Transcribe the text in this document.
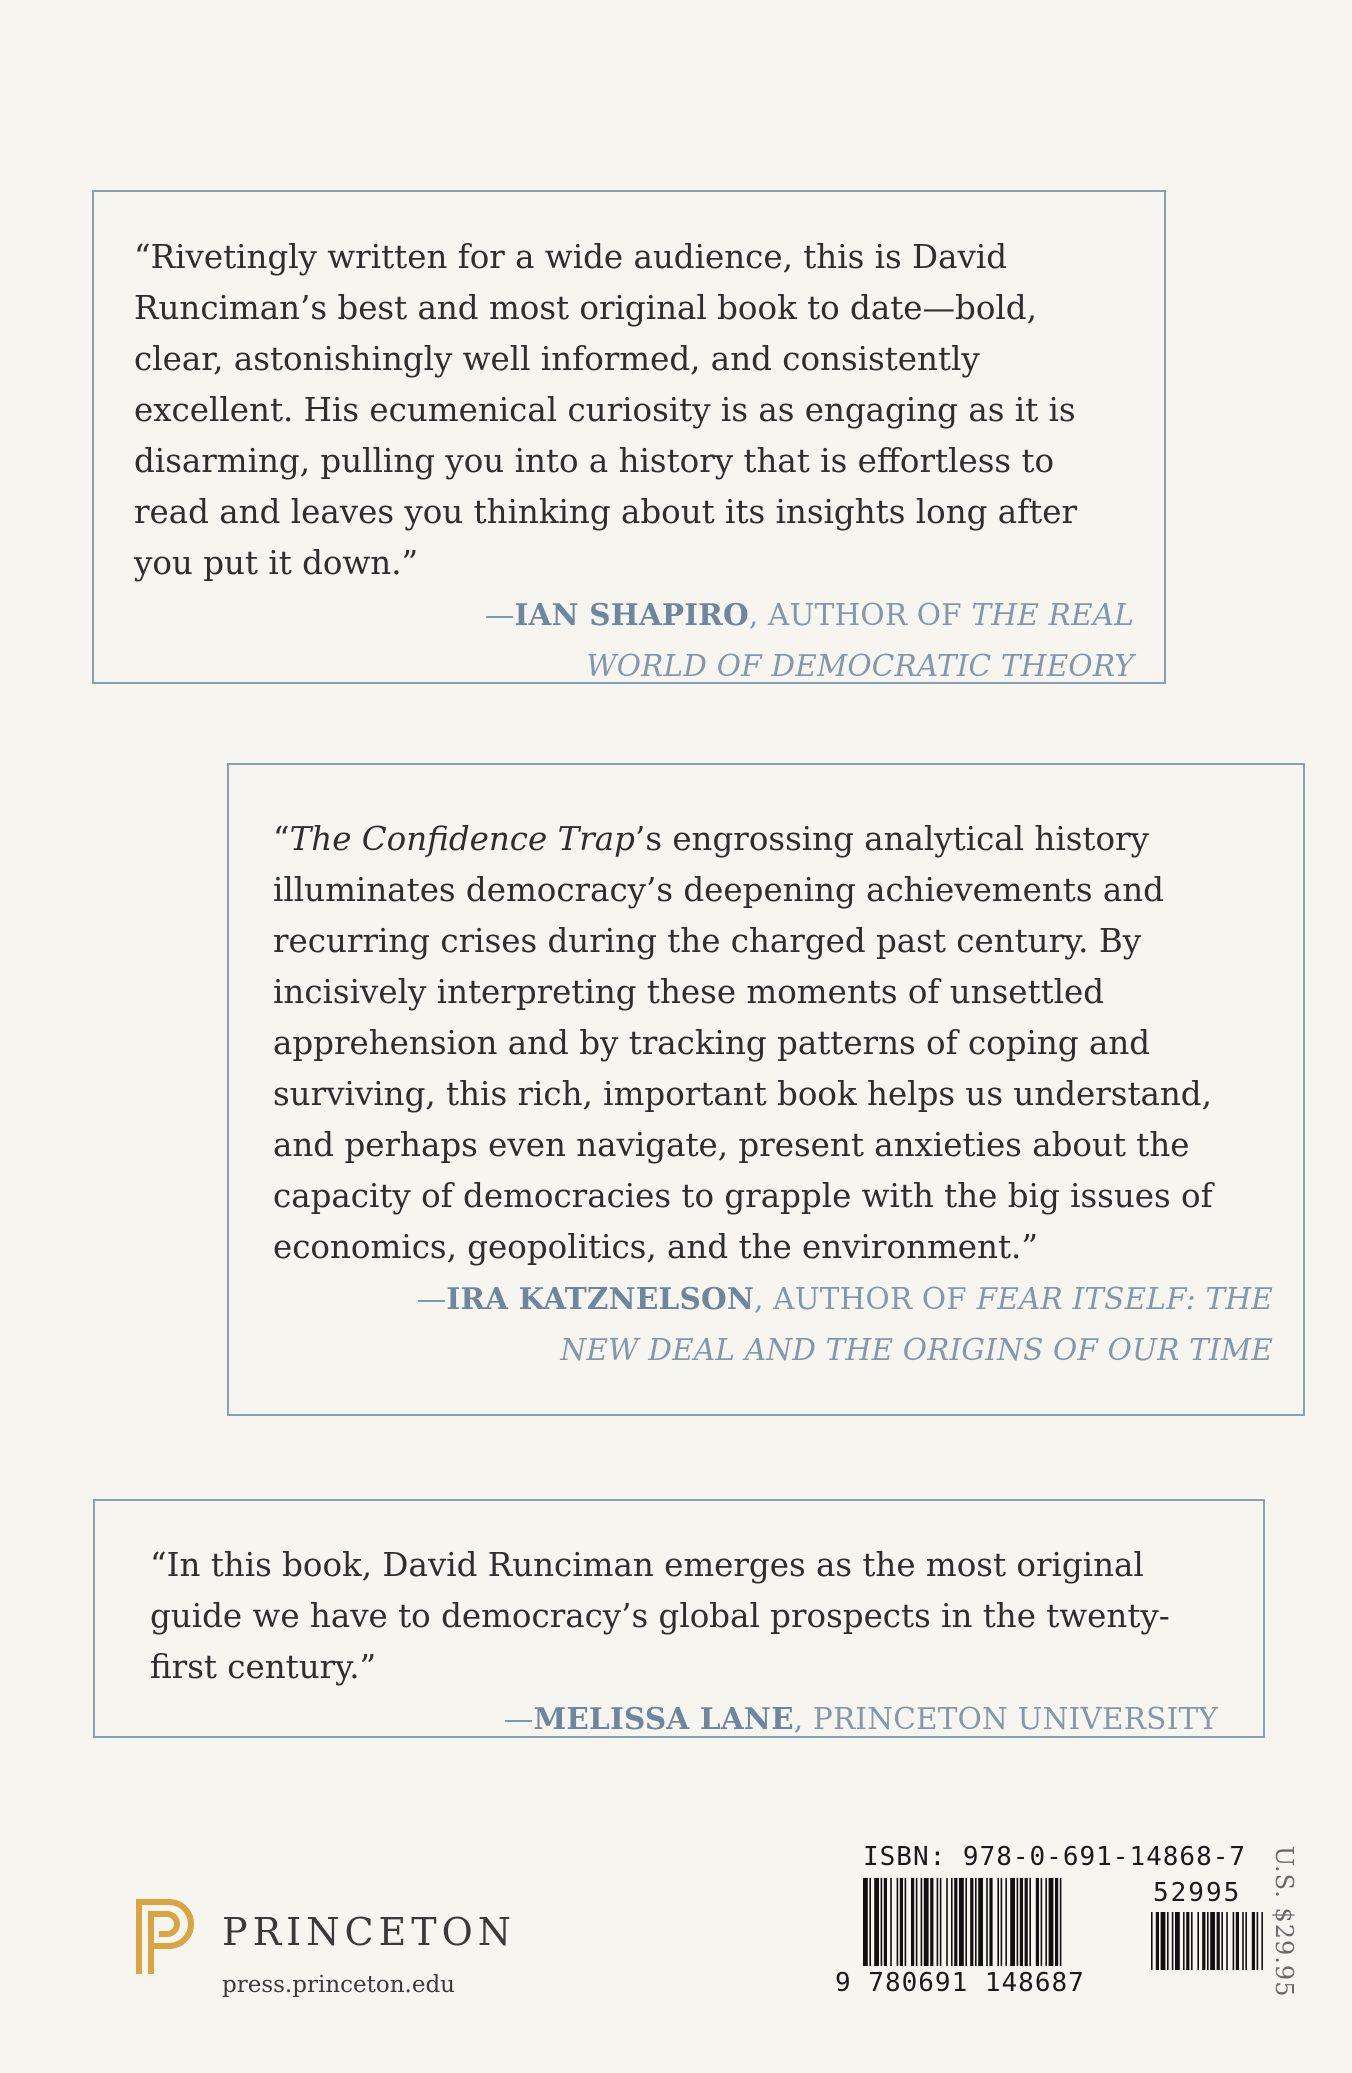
“Rivetingly written for a wide audience, this is David Runciman’s best and most original book to date—bold, clear, astonishingly well informed, and consistently excellent. His ecumenical curiosity is as engaging as it is disarming, pulling you into a history that is effortless to read and leaves you thinking about its insights long after you put it down.”

—IAN SHAPIRO, AUTHOR OF THE REAL
WORLD OF DEMOCRATIC THEORY

“The Confidence Trap’s engrossing analytical history illuminates democracy’s deepening achievements and recurring crises during the charged past century. By incisively interpreting these moments of unsettled apprehension and by tracking patterns of coping and surviving, this rich, important book helps us understand, and perhaps even navigate, present anxieties about the capacity of democracies to grapple with the big issues of economics, geopolitics, and the environment.”

—IRA KATZNELSON, AUTHOR OF FEAR ITSELF: THE
NEW DEAL AND THE ORIGINS OF OUR TIME

“In this book, David Runciman emerges as the most original guide we have to democracy’s global prospects in the twenty-first century.”

—MELISSA LANE, PRINCETON UNIVERSITY
PRINCETON
press.princeton.edu
ISBN: 978-0-691-14868-7
52995
9 780691 148687	U.S. $29.95
